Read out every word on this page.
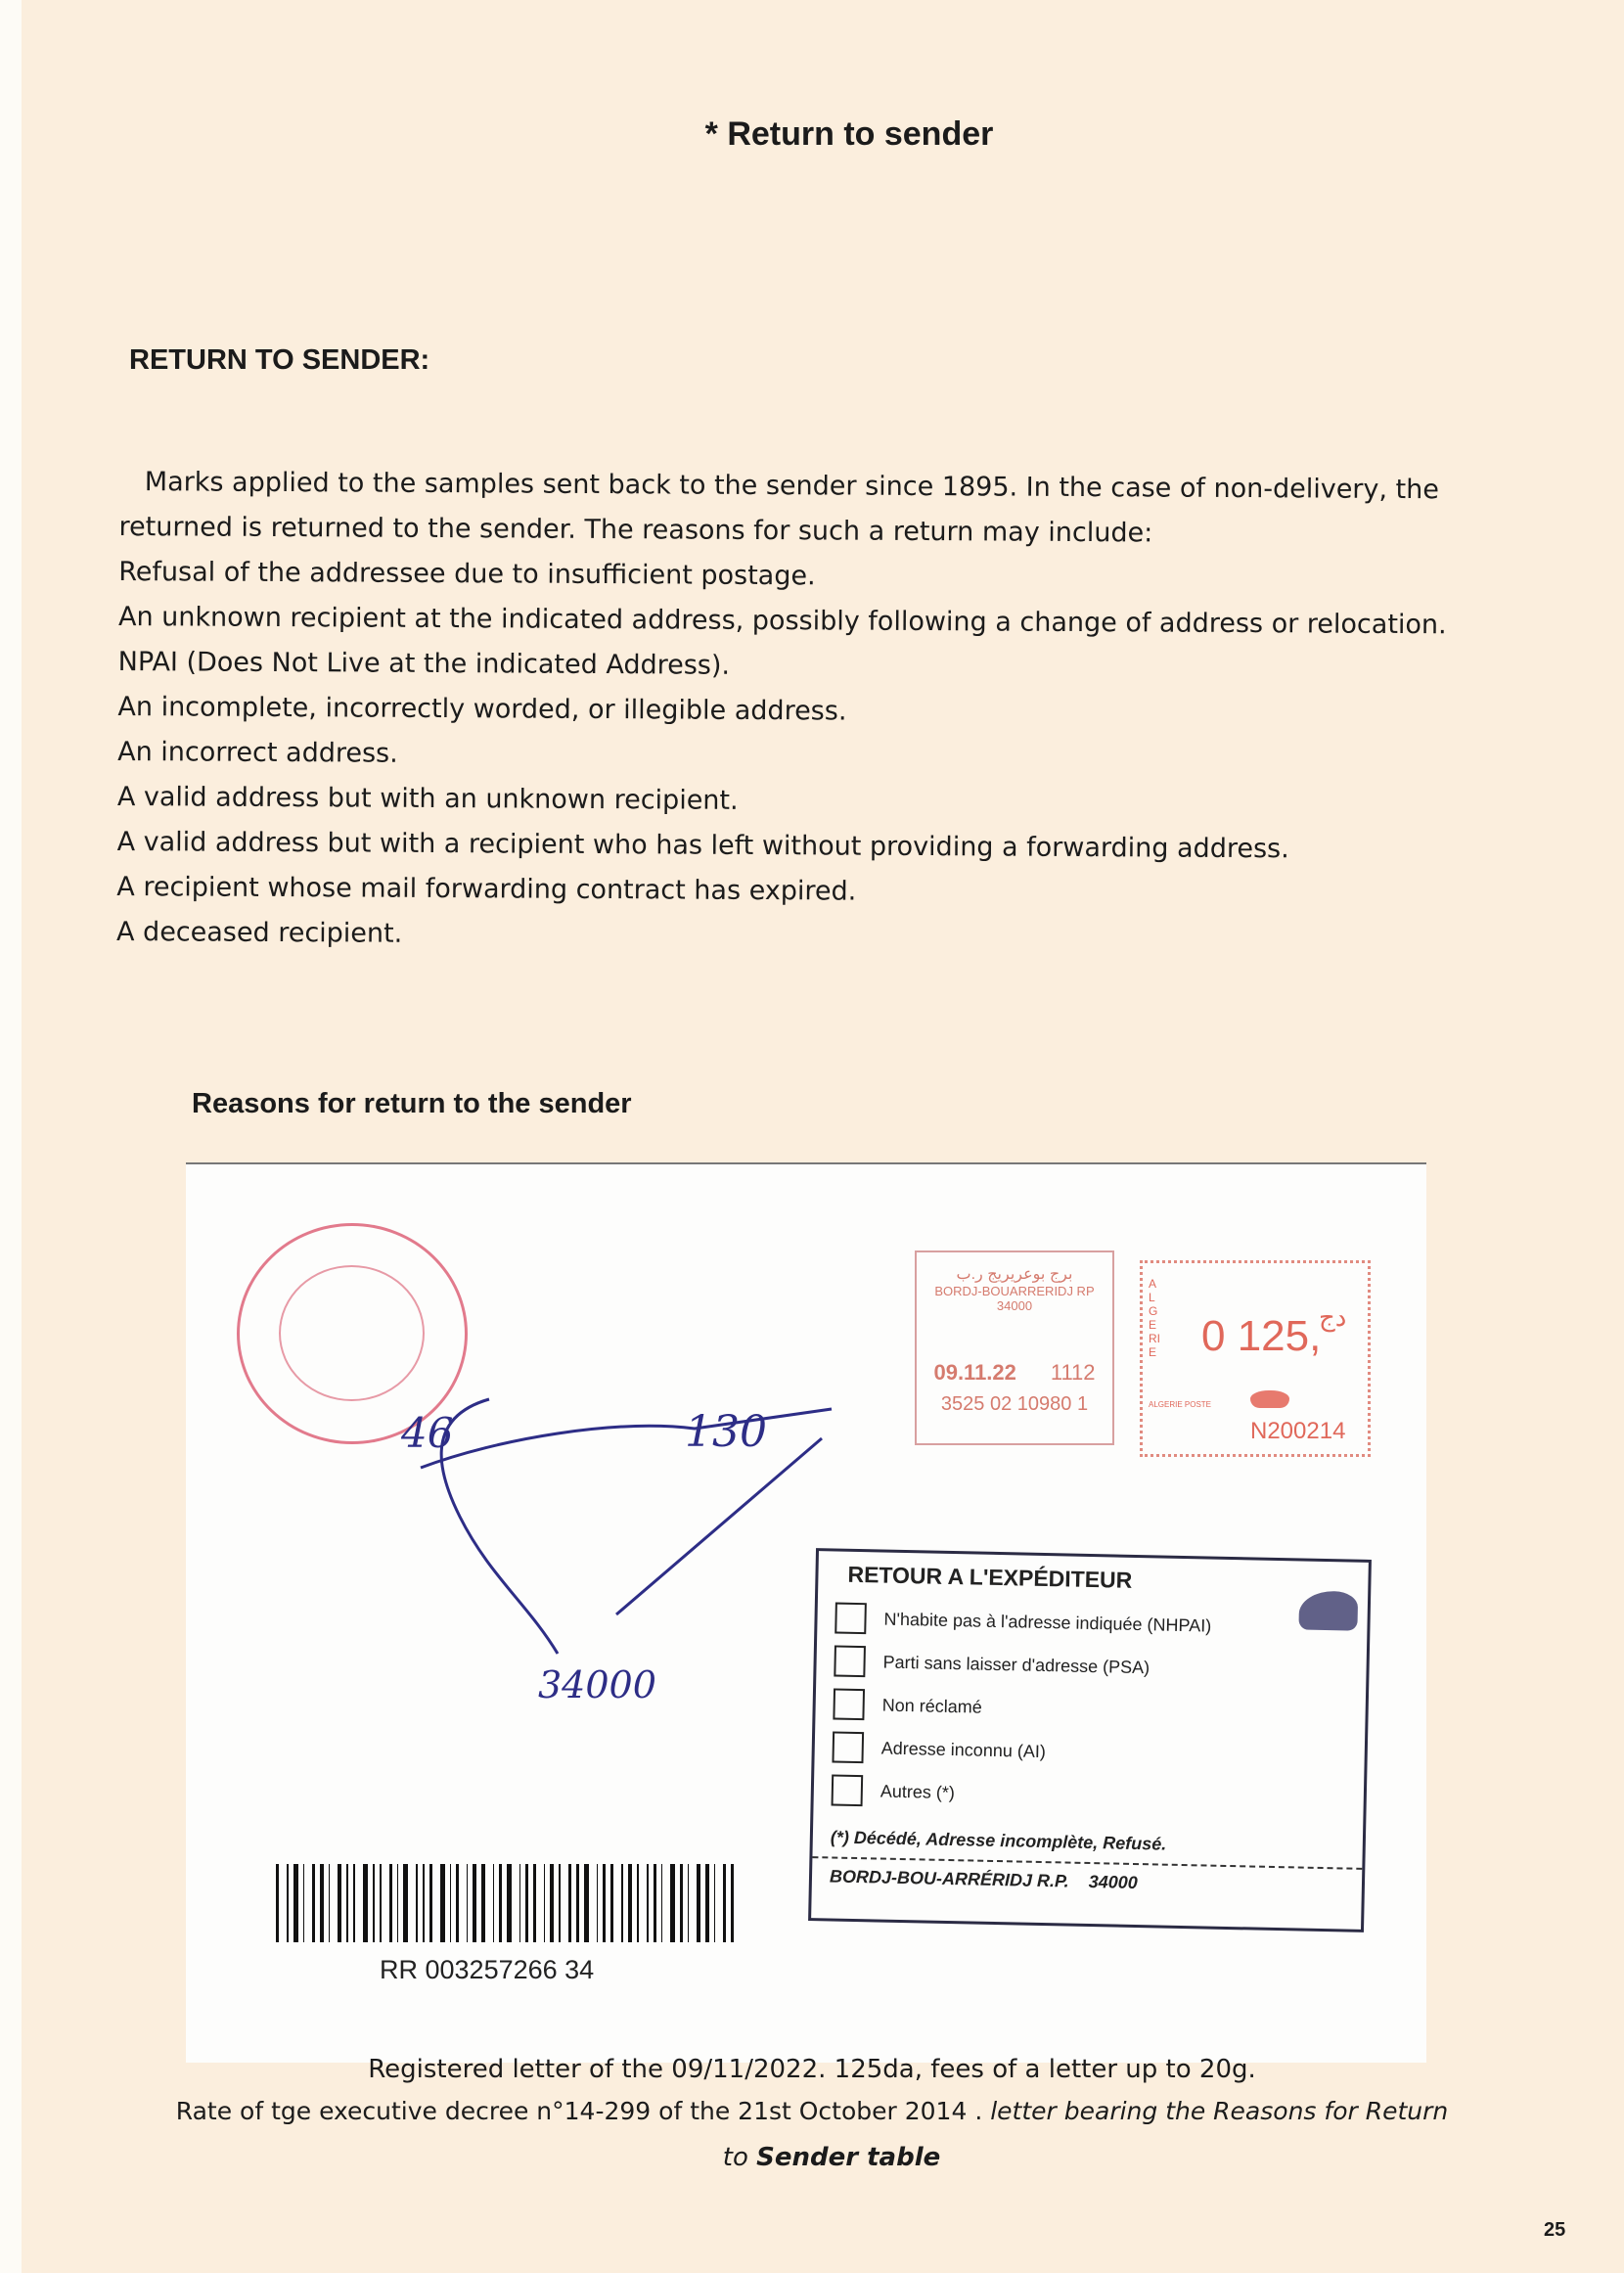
* Return to sender
RETURN TO SENDER:
Marks applied to the samples sent back to the sender since 1895. In the case of non-delivery, the
returned is returned to the sender. The reasons for such a return may include:
Refusal of the addressee due to insufficient postage.
An unknown recipient at the indicated address, possibly following a change of address or relocation.
NPAI (Does Not Live at the indicated Address).
An incomplete, incorrectly worded, or illegible address.
An incorrect address.
A valid address but with an unknown recipient.
A valid address but with a recipient who has left without providing a forwarding address.
A recipient whose mail forwarding contract has expired.
A deceased recipient.
Reasons for return to the sender
برج بوعريريج ر.ب
BORDJ-BOUARRERIDJ RP
34000
09.11.22 1112
3525 02 10980 1
ALGERIE 0 125,
دج
ALGERIE POSTE
N200214
46	130
34000
RETOUR A L'EXPÉDITEUR
N'habite pas à l'adresse indiquée (NHPAI)
Parti sans laisser d'adresse (PSA)
Non réclamé
Adresse inconnu (AI)
Autres (*)
(*) Décédé, Adresse incomplète, Refusé.
BORDJ-BOU-ARRÉRIDJ R.P. 34000
RR 003257266 34
Registered letter of the 09/11/2022. 125da, fees of a letter up to 20g.
Rate of tge executive decree n°14-299 of the 21st October 2014 . letter bearing the Reasons for Return
to Sender table
25
